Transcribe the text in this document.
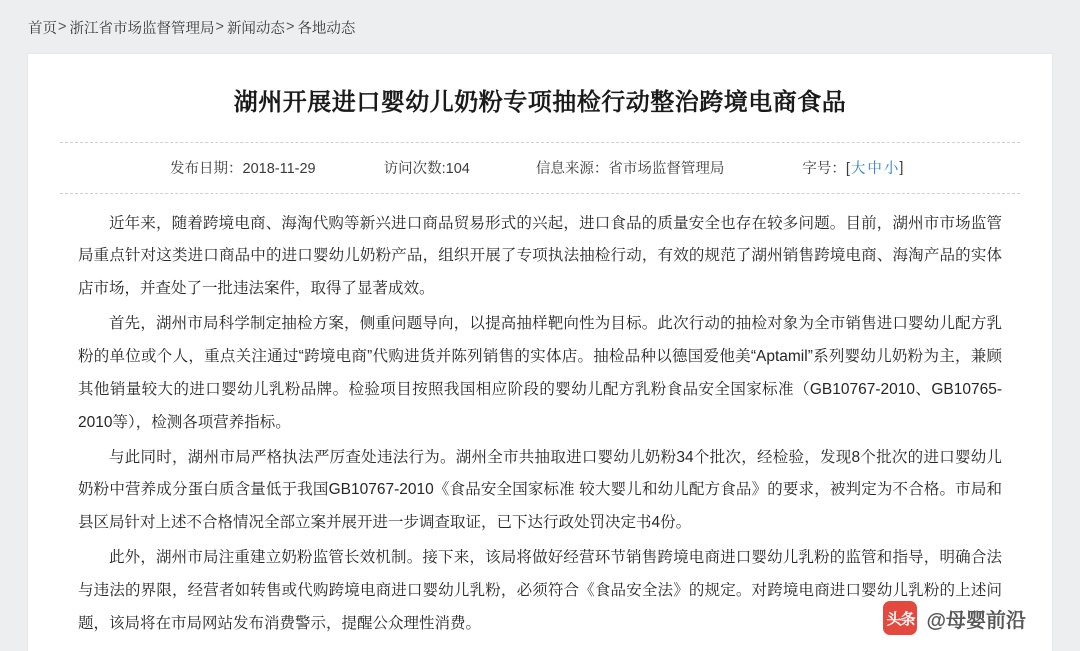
首页 > 浙江省市场监督管理局 > 新闻动态 > 各地动态
湖州开展进口婴幼儿奶粉专项抽检行动整治跨境电商食品
发布日期：2018-11-29	访问次数:104	信息来源：省市场监督管理局	字号：[ 大 中 小 ]

近年来，随着跨境电商、海淘代购等新兴进口商品贸易形式的兴起，进口食品的质量安全也存在较多问题。目前，湖州市市场监管局重点针对这类进口商品中的进口婴幼儿奶粉产品，组织开展了专项执法抽检行动，有效的规范了湖州销售跨境电商、海淘产品的实体店市场，并查处了一批违法案件，取得了显著成效。

首先，湖州市局科学制定抽检方案，侧重问题导向，以提高抽样靶向性为目标。此次行动的抽检对象为全市销售进口婴幼儿配方乳粉的单位或个人，重点关注通过“跨境电商”代购进货并陈列销售的实体店。抽检品种以德国爱他美“Aptamil”系列婴幼儿奶粉为主，兼顾其他销量较大的进口婴幼儿乳粉品牌。检验项目按照我国相应阶段的婴幼儿配方乳粉食品安全国家标准（GB10767-2010、GB10765-2010等），检测各项营养指标。

与此同时，湖州市局严格执法严厉查处违法行为。湖州全市共抽取进口婴幼儿奶粉34个批次，经检验，发现8个批次的进口婴幼儿奶粉中营养成分蛋白质含量低于我国GB10767-2010《食品安全国家标准 较大婴儿和幼儿配方食品》的要求，被判定为不合格。市局和县区局针对上述不合格情况全部立案并展开进一步调查取证，已下达行政处罚决定书4份。

此外，湖州市局注重建立奶粉监管长效机制。接下来，该局将做好经营环节销售跨境电商进口婴幼儿乳粉的监管和指导，明确合法与违法的界限，经营者如转售或代购跨境电商进口婴幼儿乳粉，必须符合《食品安全法》的规定。对跨境电商进口婴幼儿乳粉的上述问题，该局将在市局网站发布消费警示，提醒公众理性消费。	头条 @母婴前沿
